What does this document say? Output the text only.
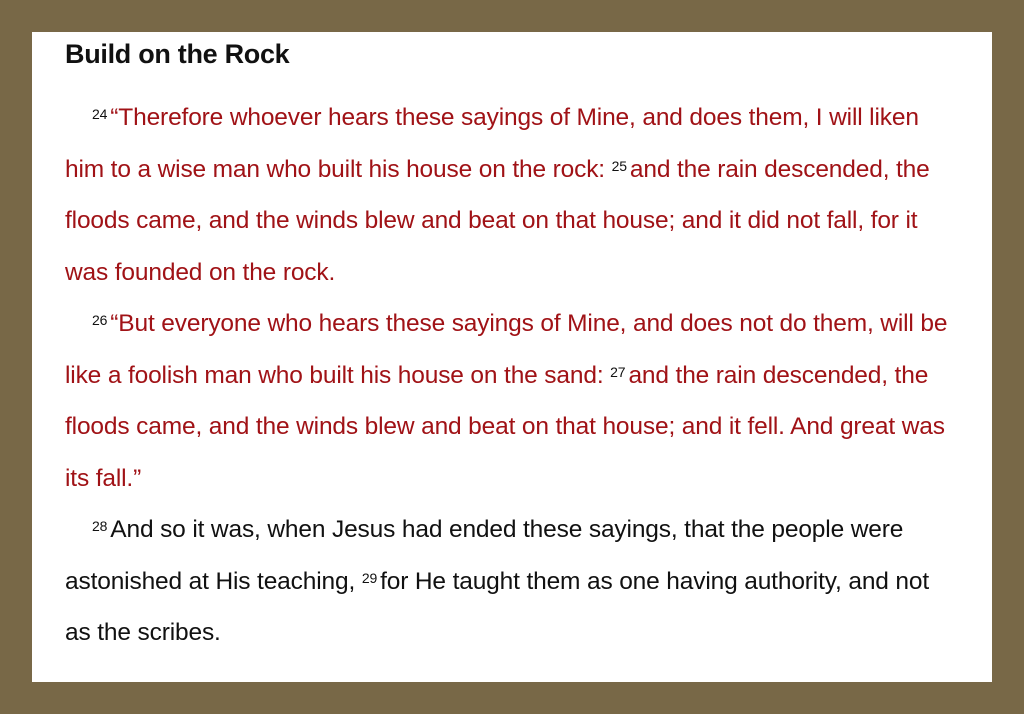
Build on the Rock

$^{24}$ “Therefore whoever hears these sayings of Mine, and does them, I will liken him to a wise man who built his house on the rock: $^{25}$ and the rain descended, the floods came, and the winds blew and beat on that house; and it did not fall, for it was founded on the rock.

$^{26}$ “But everyone who hears these sayings of Mine, and does not do them, will be like a foolish man who built his house on the sand: $^{27}$ and the rain descended, the floods came, and the winds blew and beat on that house; and it fell. And great was its fall.”

$^{28}$ And so it was, when Jesus had ended these sayings, that the people were astonished at His teaching, $^{29}$ for He taught them as one having authority, and not as the scribes.
